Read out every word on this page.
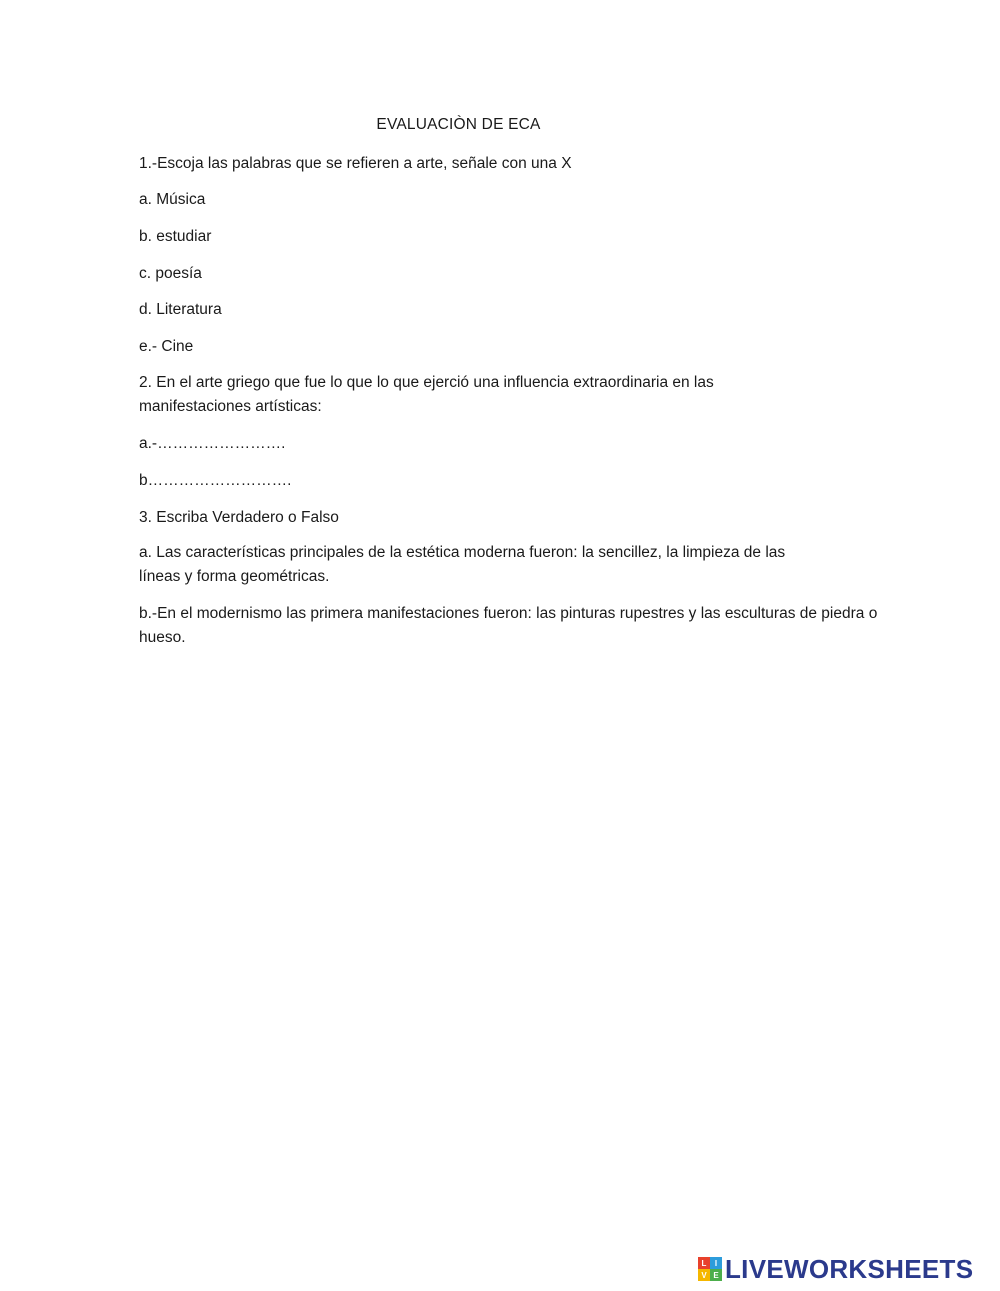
EVALUACIÒN DE ECA
1.-Escoja las palabras que se refieren a arte, señale con una X
a. Música
b. estudiar
c. poesía
d. Literatura
e.- Cine
2. En el arte griego que fue lo que lo que ejerció una influencia extraordinaria en las manifestaciones artísticas:
a.-…………………….
b……………………….
3. Escriba Verdadero o Falso
a. Las características principales de la estética moderna fueron: la sencillez, la limpieza de las líneas y forma geométricas.
b.-En el modernismo las primera manifestaciones fueron: las pinturas rupestres y las esculturas de piedra o hueso.
L	I
V E LIVEWORKSHEETS
